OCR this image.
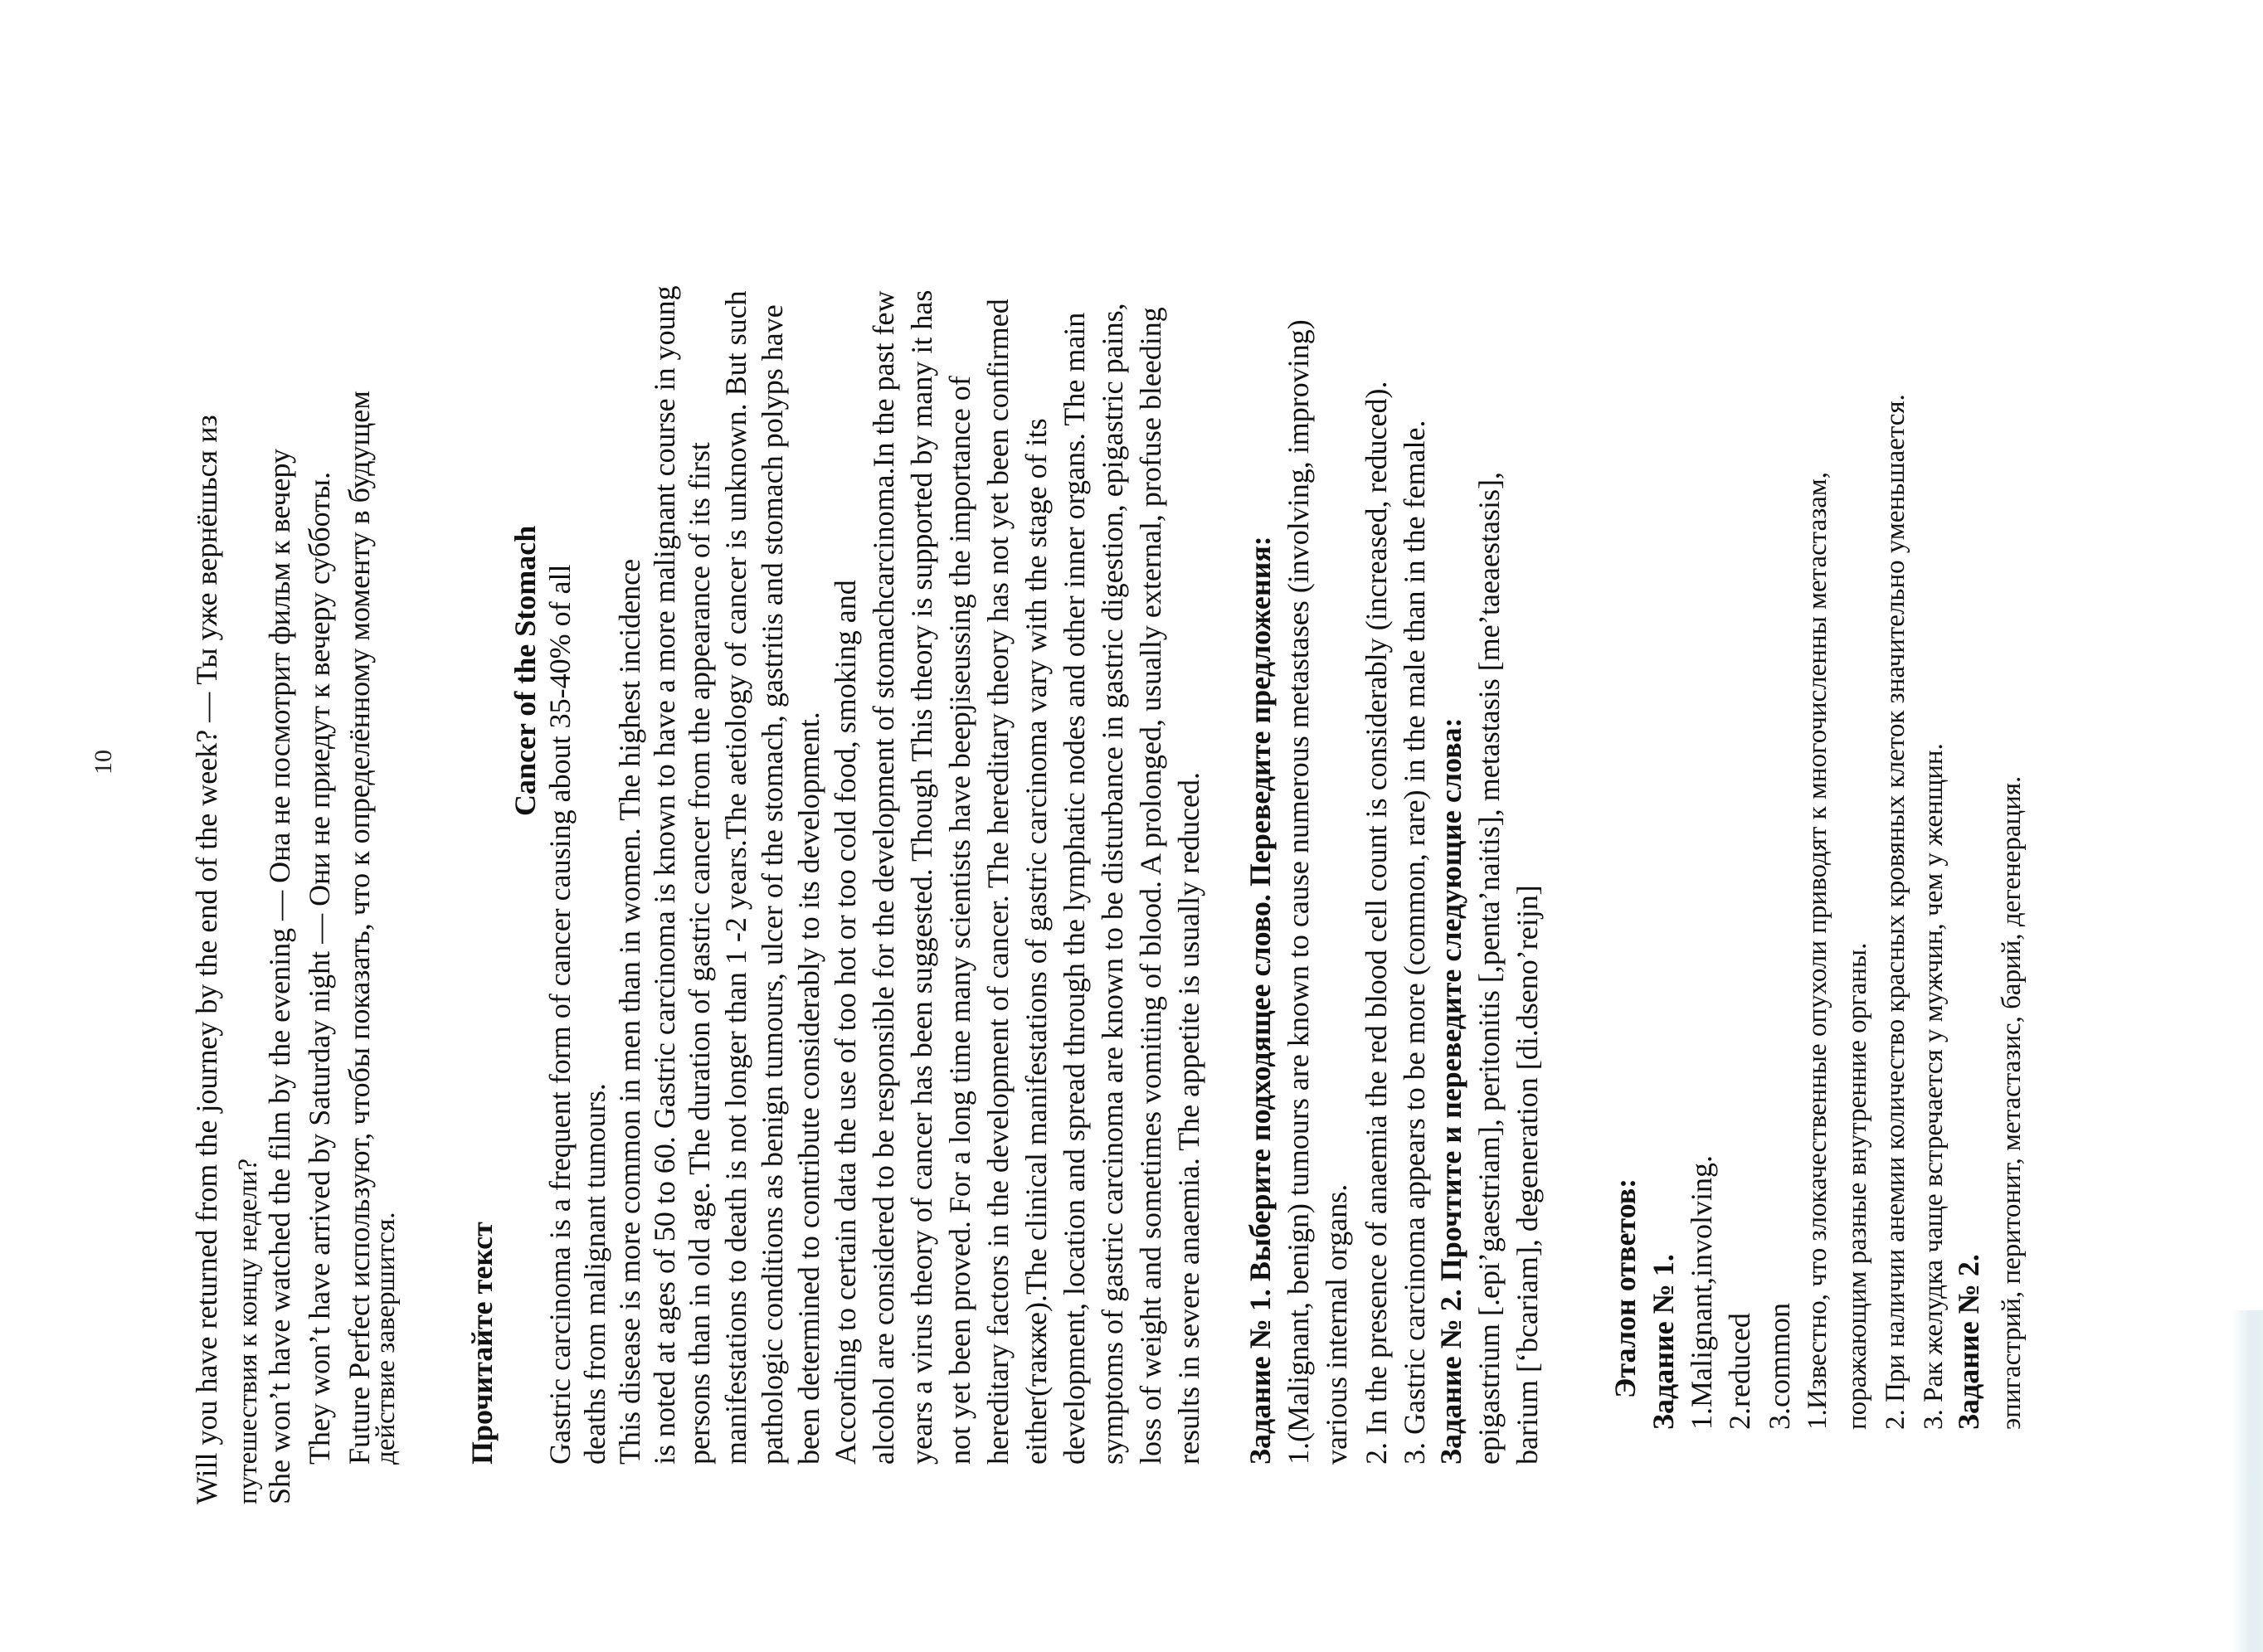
10 Will you have returned from the journey by the end of the week? — Ты уже вернёшься из путешествия к концу недели? She won’t have watched the film by the evening — Она не посмотрит фильм к вечеру They won’t have arrived by Saturday night — Они не приедут к вечеру субботы. Future Perfect используют, чтобы показать, что к определённому моменту в будущем
действие завершится. Прочитайте текст
Cancer of the Stomach Gastric carcinoma is a frequent form of cancer causing about 35-40% of all deaths from malignant tumours. This disease is more common in men than in women. The highest incidence is noted at ages of 50 to 60. Gastric carcinoma is known to have a more malignant course in young persons than in old age. The duration of gastric cancer from the appearance of its first manifestations to death is not longer than 1 -2 years.The aetiology of cancer is unknown. But such pathologic conditions as benign tumours, ulcer of the stomach, gastritis and stomach polyps have been determined to contribute considerably to its development. According to certain data the use of too hot or too cold food, smoking and alcohol are considered to be responsible for the development of stomachcarcinoma.In the past few years a virus theory of cancer has been suggested. Though This theory is supported by many it has not yet been proved. For a long time many scientists have beepjiseussing the importance of hereditary factors in the development of cancer. The hereditary theory has not yet been confirmed either(также).The clinical manifestations of gastric carcinoma vary with the stage of its development, location and spread through the lymphatic nodes and other inner organs. The main symptoms of gastric carcinoma are known to be disturbance in gastric digestion, epigastric pains, loss of weight and sometimes vomiting of blood. A prolonged, usually external, profuse bleeding results in severe anaemia. The appetite is usually reduced. Задание № 1. Выберите подходящее слово. Переведите предложения: 1.(Malignant, benign) tumours are known to cause numerous metastases (involving, improving) various internal organs. 2. In the presence of anaemia the red blood cell count is considerably (increased, reduced). 3. Gastric carcinoma appears to be more (common, rare) in the male than in the female. Задание № 2. Прочтите и переведите следующие слова: epigastrium [.epi’gaestriam], peritonitis [,penta’naitis], metastasis [me’taeaestasis], barium [‘bcariam], degeneration [di.dseno’reijn] Эталон ответов: Задание № 1. 1.Malignant,involving. 2.reduced 3.common 1.Известно, что злокачественные опухоли приводят к многочисленны метастазам, поражающим разные внутренние органы. 2. При наличии анемии количество красных кровяных клеток значительно уменьшается. 3. Рак желудка чаще встречается у мужчин, чем у женщин. Задание № 2. эпигастрий, перитонит, метастазис, барий, дегенерация.
